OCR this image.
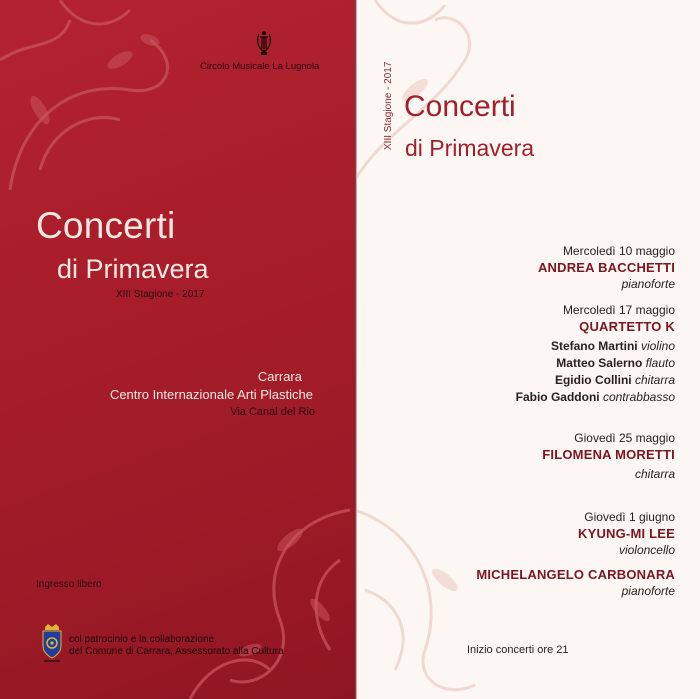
Circolo Musicale La Lugnola
Concerti
di Primavera
XIII Stagione - 2017
Carrara
Centro Internazionale Arti Plastiche
Via Canal del Rio
Ingresso libero
col patrocinio e la collaborazione
del Comune di Carrara, Assessorato alla Cultura
XIII Stagione - 2017 Concerti
di Primavera
Mercoledì 10 maggio
ANDREA BACCHETTI
pianoforte
Mercoledì 17 maggio
QUARTETTO K
Stefano Martini violino
Matteo Salerno flauto
Egidio Collini chitarra
Fabio Gaddoni contrabbasso
Giovedì 25 maggio
FILOMENA MORETTI
chitarra
Giovedì 1 giugno
KYUNG-MI LEE
violoncello
MICHELANGELO CARBONARA
pianoforte
Inizio concerti ore 21
